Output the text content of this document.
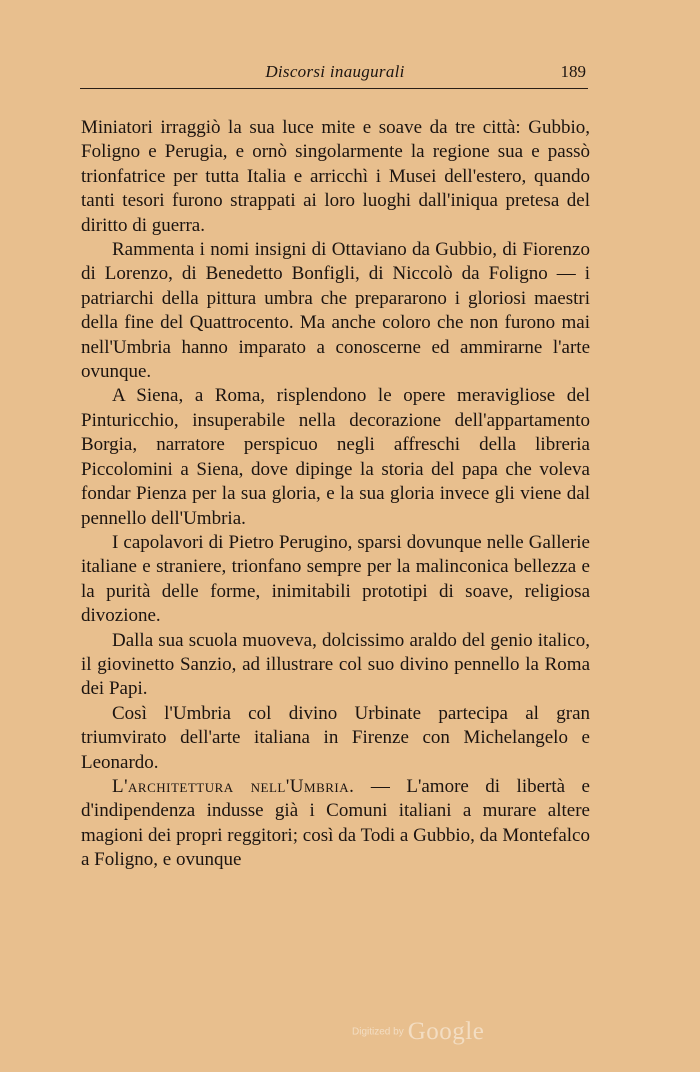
Discorsi inaugurali	189

Miniatori irraggiò la sua luce mite e soave da tre città: Gubbio, Foligno e Perugia, e ornò singolarmente la regione sua e passò trionfatrice per tutta Italia e arricchì i Musei dell'estero, quando tanti tesori furono strappati ai loro luoghi dall'iniqua pretesa del diritto di guerra.

Rammenta i nomi insigni di Ottaviano da Gubbio, di Fiorenzo di Lorenzo, di Benedetto Bonfigli, di Niccolò da Foligno — i patriarchi della pittura umbra che prepararono i gloriosi maestri della fine del Quattrocento. Ma anche coloro che non furono mai nell'Umbria hanno imparato a conoscerne ed ammirarne l'arte ovunque.

A Siena, a Roma, risplendono le opere meravigliose del Pinturicchio, insuperabile nella decorazione dell'appartamento Borgia, narratore perspicuo negli affreschi della libreria Piccolomini a Siena, dove dipinge la storia del papa che voleva fondar Pienza per la sua gloria, e la sua gloria invece gli viene dal pennello dell'Umbria.

I capolavori di Pietro Perugino, sparsi dovunque nelle Gallerie italiane e straniere, trionfano sempre per la malinconica bellezza e la purità delle forme, inimitabili prototipi di soave, religiosa divozione.

Dalla sua scuola muoveva, dolcissimo araldo del genio italico, il giovinetto Sanzio, ad illustrare col suo divino pennello la Roma dei Papi.

Così l'Umbria col divino Urbinate partecipa al gran triumvirato dell'arte italiana in Firenze con Michelangelo e Leonardo.

L'architettura nell'Umbria. — L'amore di libertà e d'indipendenza indusse già i Comuni italiani a murare altere magioni dei propri reggitori; così da Todi a Gubbio, da Montefalco a Foligno, e ovunque

Digitized by Google
